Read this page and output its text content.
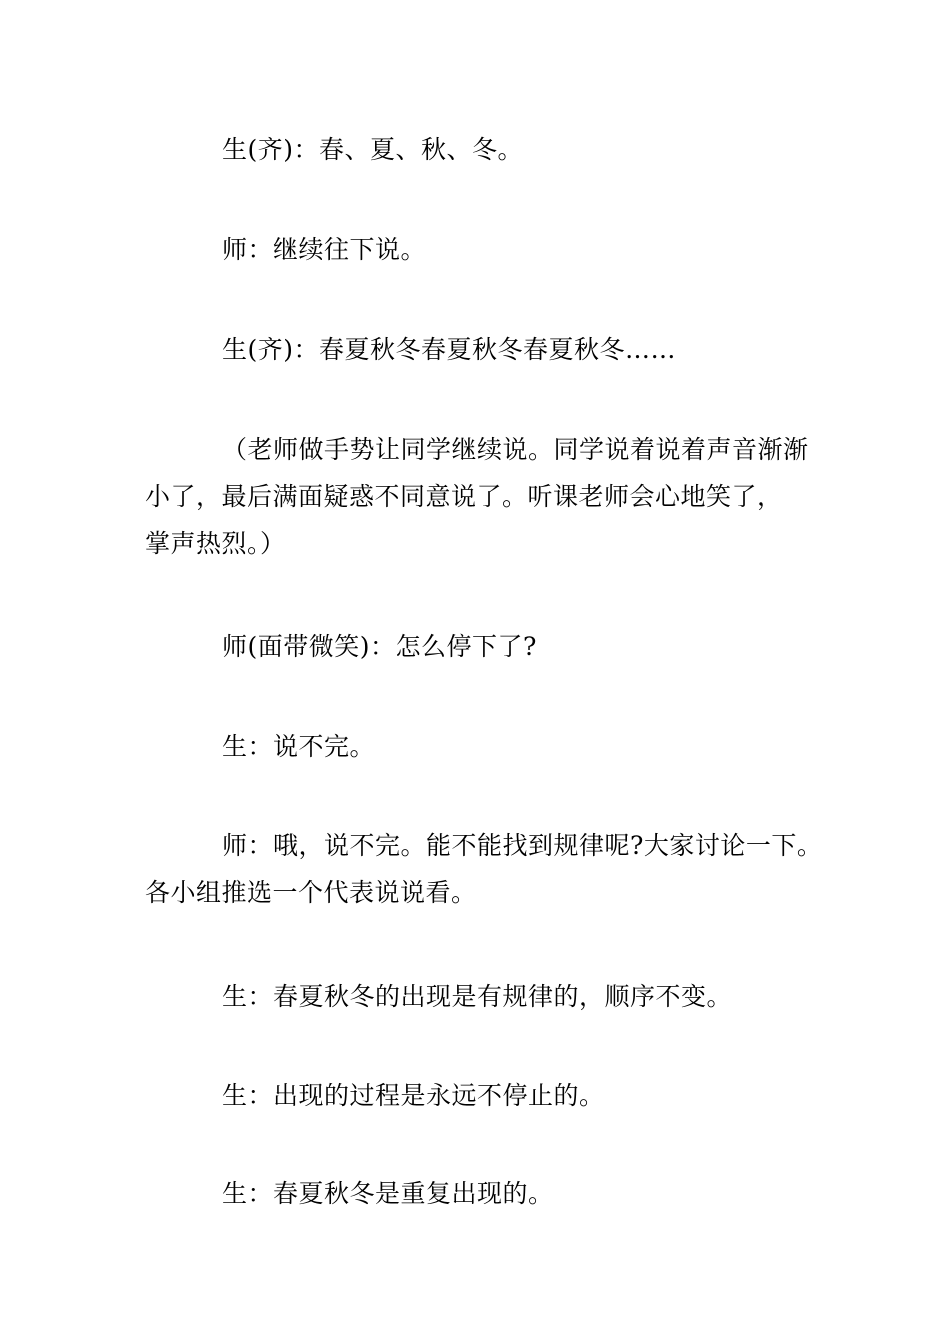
生(齐)：春、夏、秋、冬。

师：继续往下说。

生(齐)：春夏秋冬春夏秋冬春夏秋冬……

（老师做手势让同学继续说。同学说着说着声音渐渐
小了，最后满面疑惑不同意说了。听课老师会心地笑了，
掌声热烈。）

师(面带微笑)：怎么停下了?

生：说不完。

师：哦，说不完。能不能找到规律呢?大家讨论一下。
各小组推选一个代表说说看。

生：春夏秋冬的出现是有规律的，顺序不变。

生：出现的过程是永远不停止的。

生：春夏秋冬是重复出现的。
